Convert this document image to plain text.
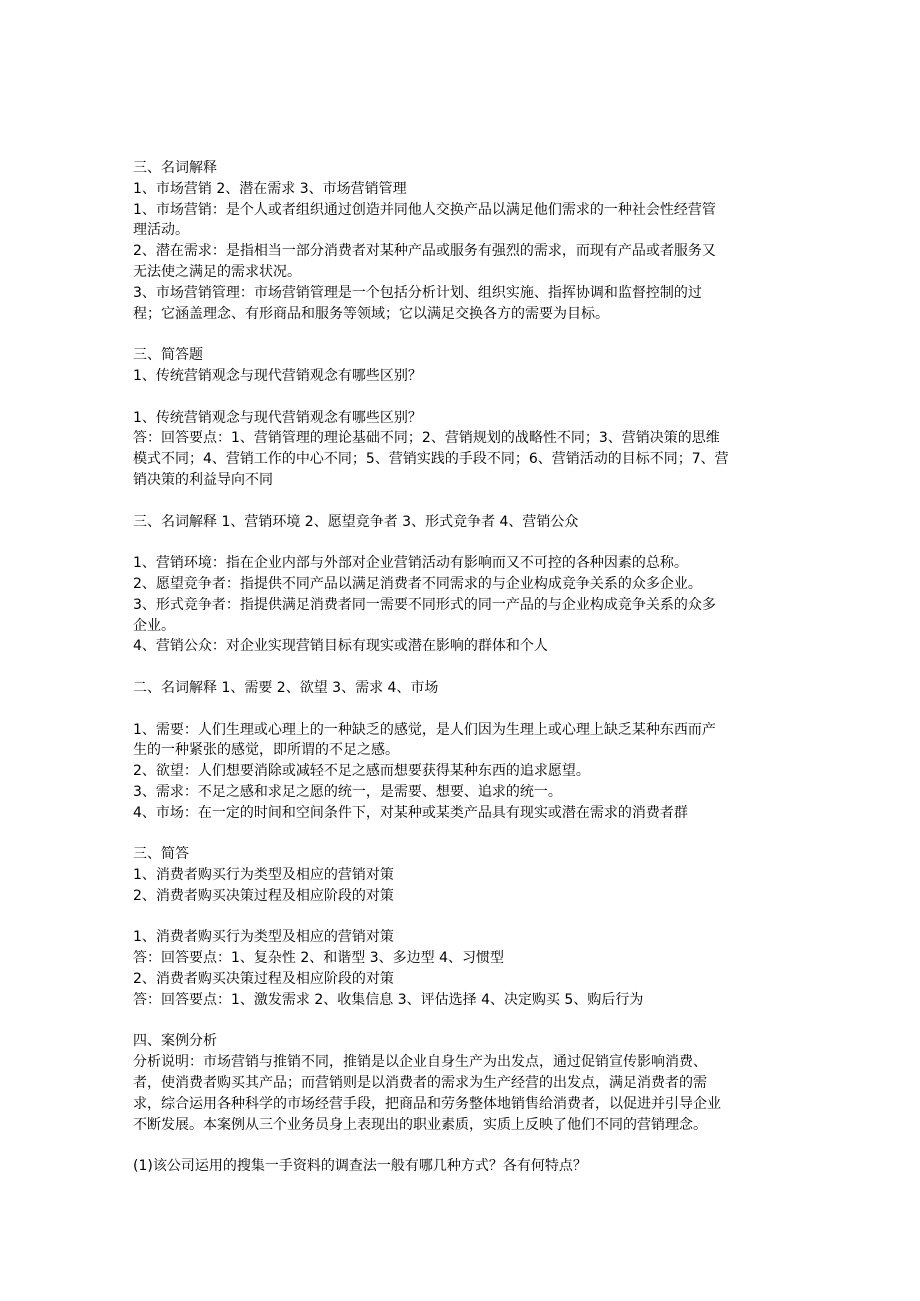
三、名词解释
1、市场营销 2、潜在需求 3、市场营销管理
1、市场营销：是个人或者组织通过创造并同他人交换产品以满足他们需求的一种社会性经营管
理活动。
2、潜在需求：是指相当一部分消费者对某种产品或服务有强烈的需求，而现有产品或者服务又
无法使之满足的需求状况。
3、市场营销管理：市场营销管理是一个包括分析计划、组织实施、指挥协调和监督控制的过
程；它涵盖理念、有形商品和服务等领域；它以满足交换各方的需要为目标。
三、简答题
1、传统营销观念与现代营销观念有哪些区别？
1、传统营销观念与现代营销观念有哪些区别？
答：回答要点：1、营销管理的理论基础不同；2、营销规划的战略性不同；3、营销决策的思维
模式不同；4、营销工作的中心不同；5、营销实践的手段不同；6、营销活动的目标不同；7、营
销决策的利益导向不同
三、名词解释 1、营销环境 2、愿望竞争者 3、形式竞争者 4、营销公众
1、营销环境：指在企业内部与外部对企业营销活动有影响而又不可控的各种因素的总称。
2、愿望竞争者：指提供不同产品以满足消费者不同需求的与企业构成竞争关系的众多企业。
3、形式竞争者：指提供满足消费者同一需要不同形式的同一产品的与企业构成竞争关系的众多
企业。
4、营销公众：对企业实现营销目标有现实或潜在影响的群体和个人
二、名词解释 1、需要 2、欲望 3、需求 4、市场
1、需要：人们生理或心理上的一种缺乏的感觉，是人们因为生理上或心理上缺乏某种东西而产
生的一种紧张的感觉，即所谓的不足之感。
2、欲望：人们想要消除或减轻不足之感而想要获得某种东西的追求愿望。
3、需求：不足之感和求足之愿的统一，是需要、想要、追求的统一。
4、市场：在一定的时间和空间条件下，对某种或某类产品具有现实或潜在需求的消费者群
三、简答
1、消费者购买行为类型及相应的营销对策
2、消费者购买决策过程及相应阶段的对策
1、消费者购买行为类型及相应的营销对策
答：回答要点：1、复杂性 2、和谐型 3、多边型 4、习惯型
2、消费者购买决策过程及相应阶段的对策
答：回答要点：1、激发需求 2、收集信息 3、评估选择 4、决定购买 5、购后行为
四、案例分析
分析说明：市场营销与推销不同，推销是以企业自身生产为出发点，通过促销宣传影响消费、
者，使消费者购买其产品；而营销则是以消费者的需求为生产经营的出发点，满足消费者的需
求，综合运用各种科学的市场经营手段，把商品和劳务整体地销售给消费者，以促进并引导企业
不断发展。本案例从三个业务员身上表现出的职业素质，实质上反映了他们不同的营销理念。
(1)该公司运用的搜集一手资料的调查法一般有哪几种方式？各有何特点？
